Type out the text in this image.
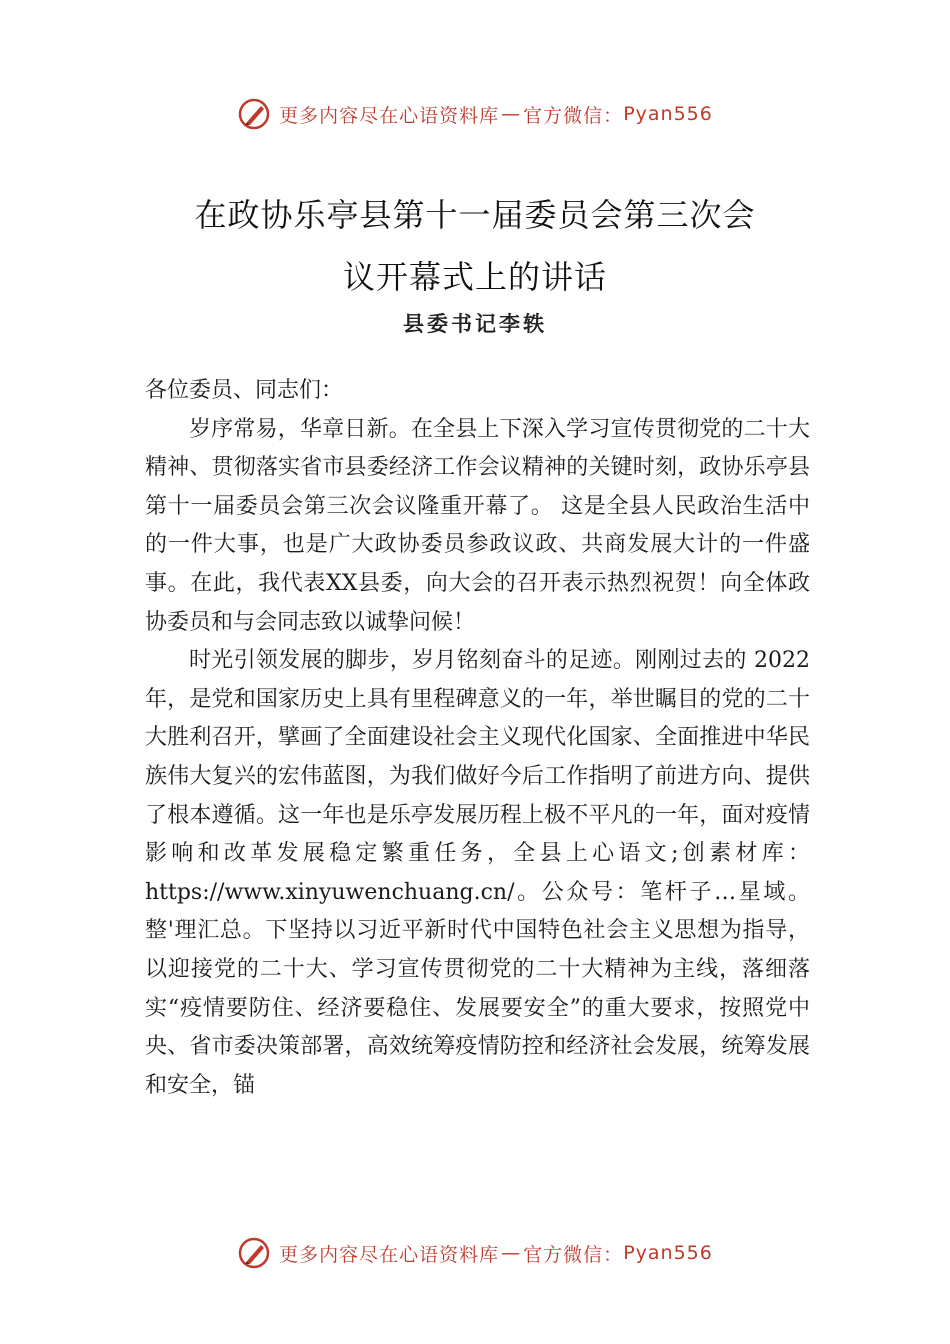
更多内容尽在心语资料库 — 官方微信： Pyan556
在政协乐亭县第十一届委员会第三次会
议开幕式上的讲话
县委书记李轶

各位委员、同志们：

岁序常易，华章日新。在全县上下深入学习宣传贯彻党的二十大精神、贯彻落实省市县委经济工作会议精神的关键时刻，政协乐亭县第十一届委员会第三次会议隆重开幕了。 这是全县人民政治生活中的一件大事，也是广大政协委员参政议政、共商发展大计的一件盛事。在此，我代表XX县委，向大会的召开表示热烈祝贺！向全体政协委员和与会同志致以诚挚问候！

时光引领发展的脚步，岁月铭刻奋斗的足迹。刚刚过去的 2022 年，是党和国家历史上具有里程碑意义的一年，举世瞩目的党的二十大胜利召开，擘画了全面建设社会主义现代化国家、全面推进中华民族伟大复兴的宏伟蓝图，为我们做好今后工作指明了前进方向、提供了根本遵循。这一年也是乐亭发展历程上极不平凡的一年，面对疫情影响和改革发展稳定繁重任务，全县上心语文;创素材库：https://www.xinyuwenchuang.cn/。公众号：笔杆子…星域。整'理汇总。下坚持以习近平新时代中国特色社会主义思想为指导，以迎接党的二十大、学习宣传贯彻党的二十大精神为主线，落细落实“疫情要防住、经济要稳住、发展要安全”的重大要求，按照党中央、省市委决策部署，高效统筹疫情防控和经济社会发展，统筹发展和安全，锚

更多内容尽在心语资料库 — 官方微信： Pyan556
